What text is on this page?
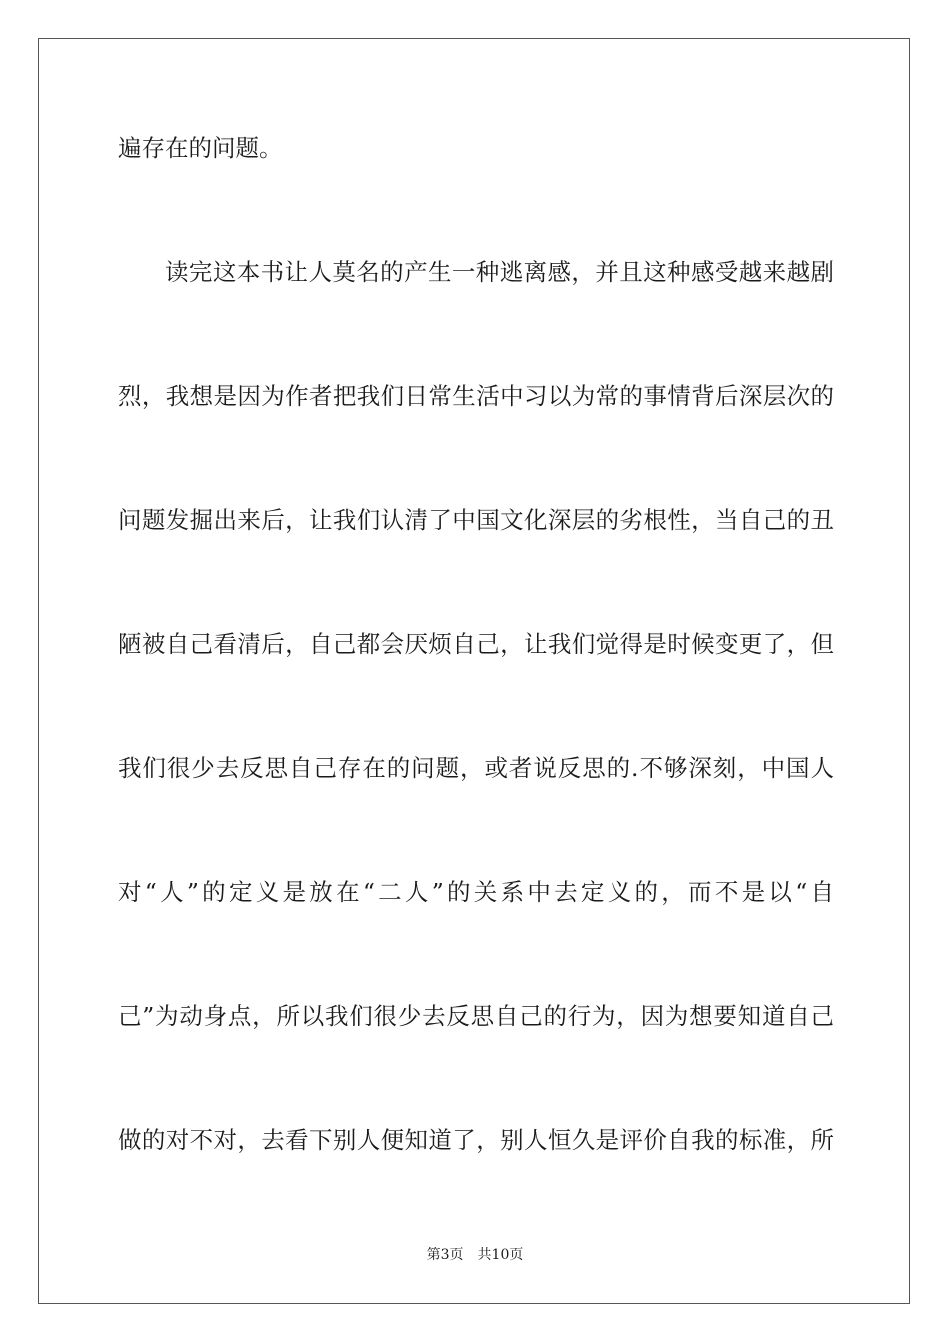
遍存在的问题。
读完这本书让人莫名的产生一种逃离感，并且这种感受越来越剧
烈，我想是因为作者把我们日常生活中习以为常的事情背后深层次的
问题发掘出来后，让我们认清了中国文化深层的劣根性，当自己的丑
陋被自己看清后，自己都会厌烦自己，让我们觉得是时候变更了，但
我们很少去反思自己存在的问题，或者说反思的.不够深刻，中国人
对“人”的定义是放在“二人”的关系中去定义的，而不是以“自
己”为动身点，所以我们很少去反思自己的行为，因为想要知道自己
做的对不对，去看下别人便知道了，别人恒久是评价自我的标准，所
第3页 共10页
